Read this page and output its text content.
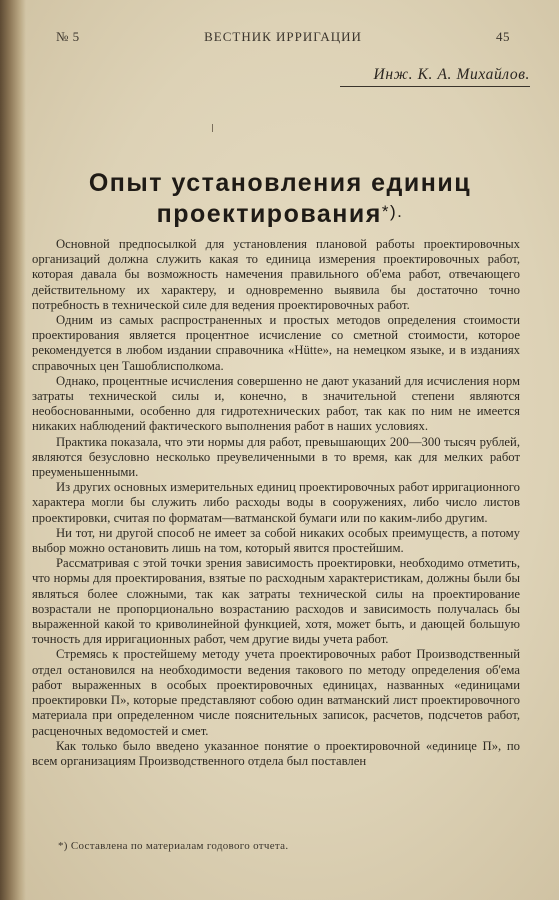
№ 5	ВЕСТНИК ИРРИГАЦИИ	45
Инж. К. А. Михайлов.
Опыт установления единиц
проектирования*).

Основной предпосылкой для установления плановой работы проектировочных организаций должна служить какая то единица измерения проектировочных работ, которая давала бы возможность намечения правильного об'ема работ, отвечающего действительному их характеру, и одновременно выявила бы достаточно точно потребность в технической силе для ведения проектировочных работ.

Одним из самых распространенных и простых методов определения стоимости проектирования является процентное исчисление со сметной стоимости, которое рекомендуется в любом издании справочника «Hütte», на немецком языке, и в изданиях справочных цен Ташоблисполкома.

Однако, процентные исчисления совершенно не дают указаний для исчисления норм затраты технической силы и, конечно, в значительной степени являются необоснованными, особенно для гидротехнических работ, так как по ним не имеется никаких наблюдений фактического выполнения работ в наших условиях.

Практика показала, что эти нормы для работ, превышающих 200—300 тысяч рублей, являются безусловно несколько преувеличенными в то время, как для мелких работ преуменьшенными.

Из других основных измерительных единиц проектировочных работ ирригационного характера могли бы служить либо расходы воды в сооружениях, либо число листов проектировки, считая по форматам—ватманской бумаги или по каким-либо другим.

Ни тот, ни другой способ не имеет за собой никаких особых преимуществ, а потому выбор можно остановить лишь на том, который явится простейшим.

Рассматривая с этой точки зрения зависимость проектировки, необходимо отметить, что нормы для проектирования, взятые по расходным характеристикам, должны были бы являться более сложными, так как затраты технической силы на проектирование возрастали не пропорционально возрастанию расходов и зависимость получалась бы выраженной какой то криволинейной функцией, хотя, может быть, и дающей большую точность для ирригационных работ, чем другие виды учета работ.

Стремясь к простейшему методу учета проектировочных работ Производственный отдел остановился на необходимости ведения такового по методу определения об'ема работ выраженных в особых проектировочных единицах, названных «единицами проектировки П», которые представляют собою один ватманский лист проектировочного материала при определенном числе пояснительных записок, расчетов, подсчетов работ, расценочных ведомостей и смет.

Как только было введено указанное понятие о проектировочной «единице П», по всем организациям Производственного отдела был поставлен

*) Составлена по материалам годового отчета.
